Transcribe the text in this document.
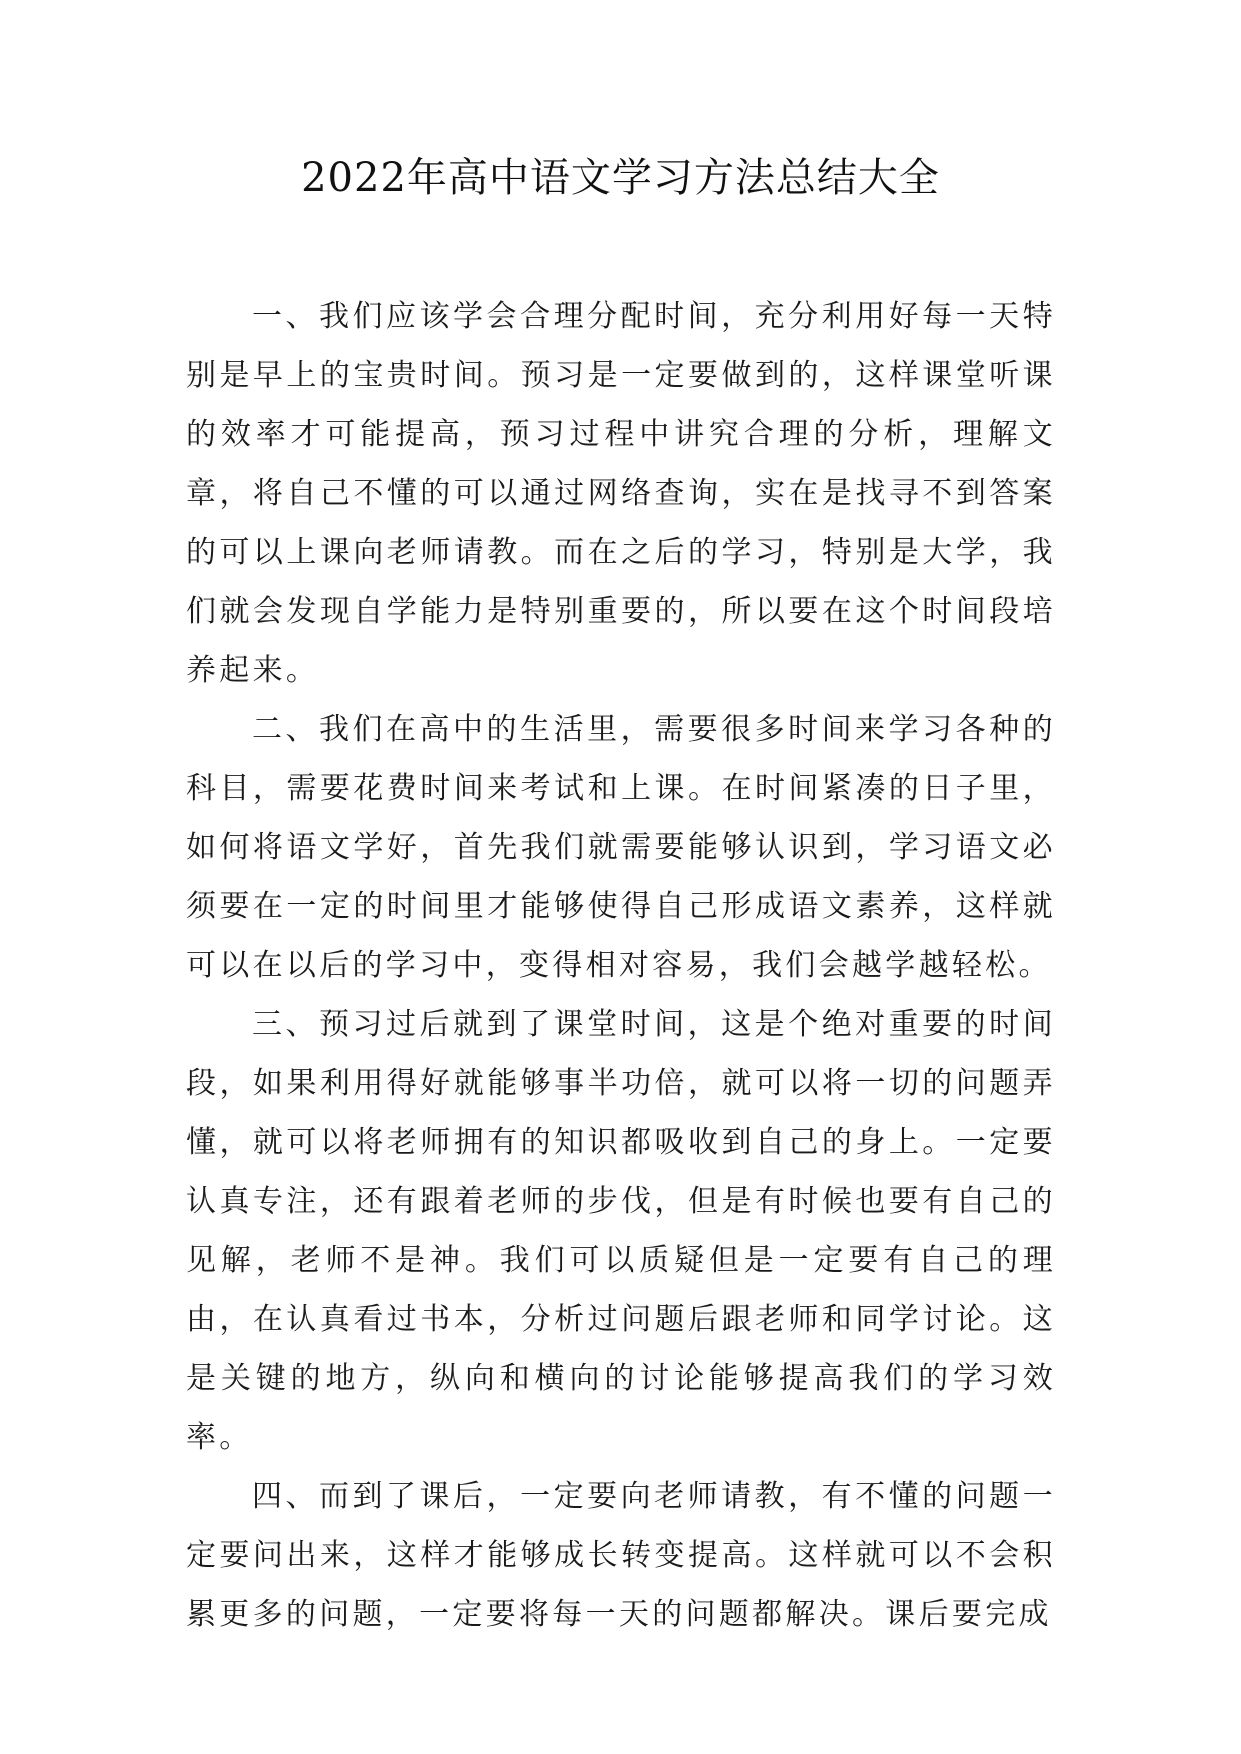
2022年高中语文学习方法总结大全

一、我们应该学会合理分配时间，充分利用好每一天特别是早上的宝贵时间。预习是一定要做到的，这样课堂听课的效率才可能提高，预习过程中讲究合理的分析，理解文章，将自己不懂的可以通过网络查询，实在是找寻不到答案的可以上课向老师请教。而在之后的学习，特别是大学，我们就会发现自学能力是特别重要的，所以要在这个时间段培养起来。

二、我们在高中的生活里，需要很多时间来学习各种的科目，需要花费时间来考试和上课。在时间紧凑的日子里，如何将语文学好，首先我们就需要能够认识到，学习语文必须要在一定的时间里才能够使得自己形成语文素养，这样就可以在以后的学习中，变得相对容易，我们会越学越轻松。

三、预习过后就到了课堂时间，这是个绝对重要的时间段，如果利用得好就能够事半功倍，就可以将一切的问题弄懂，就可以将老师拥有的知识都吸收到自己的身上。一定要认真专注，还有跟着老师的步伐，但是有时候也要有自己的见解，老师不是神。我们可以质疑但是一定要有自己的理由，在认真看过书本，分析过问题后跟老师和同学讨论。这是关键的地方，纵向和横向的讨论能够提高我们的学习效率。

四、而到了课后，一定要向老师请教，有不懂的问题一定要问出来，这样才能够成长转变提高。这样就可以不会积累更多的问题，一定要将每一天的问题都解决。课后要完成
